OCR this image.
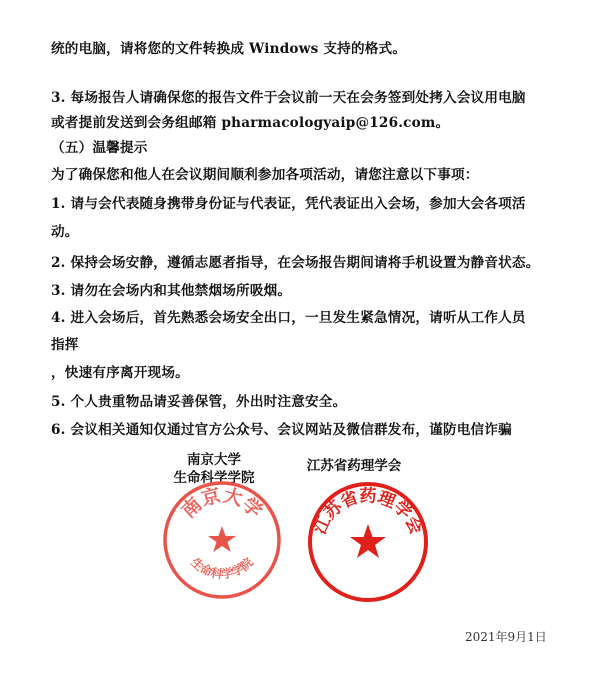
统的电脑，请将您的文件转换成 Windows 支持的格式。
3. 每场报告人请确保您的报告文件于会议前一天在会务签到处拷入会议用电脑
或者提前发送到会务组邮箱 pharmacologyaip@126.com。
（五）温馨提示
为了确保您和他人在会议期间顺利参加各项活动，请您注意以下事项：
1. 请与会代表随身携带身份证与代表证，凭代表证出入会场，参加大会各项活
动。
2. 保持会场安静，遵循志愿者指导，在会场报告期间请将手机设置为静音状态。
3. 请勿在会场内和其他禁烟场所吸烟。
4. 进入会场后，首先熟悉会场安全出口，一旦发生紧急情况，请听从工作人员
指挥
，快速有序离开现场。
5. 个人贵重物品请妥善保管，外出时注意安全。
6. 会议相关通知仅通过官方公众号、会议网站及微信群发布，谨防电信诈骗
南京大学
生命科学学院
江苏省药理学会
南京大学
生命科学学院
江苏省药理学会
2021年9月1日
